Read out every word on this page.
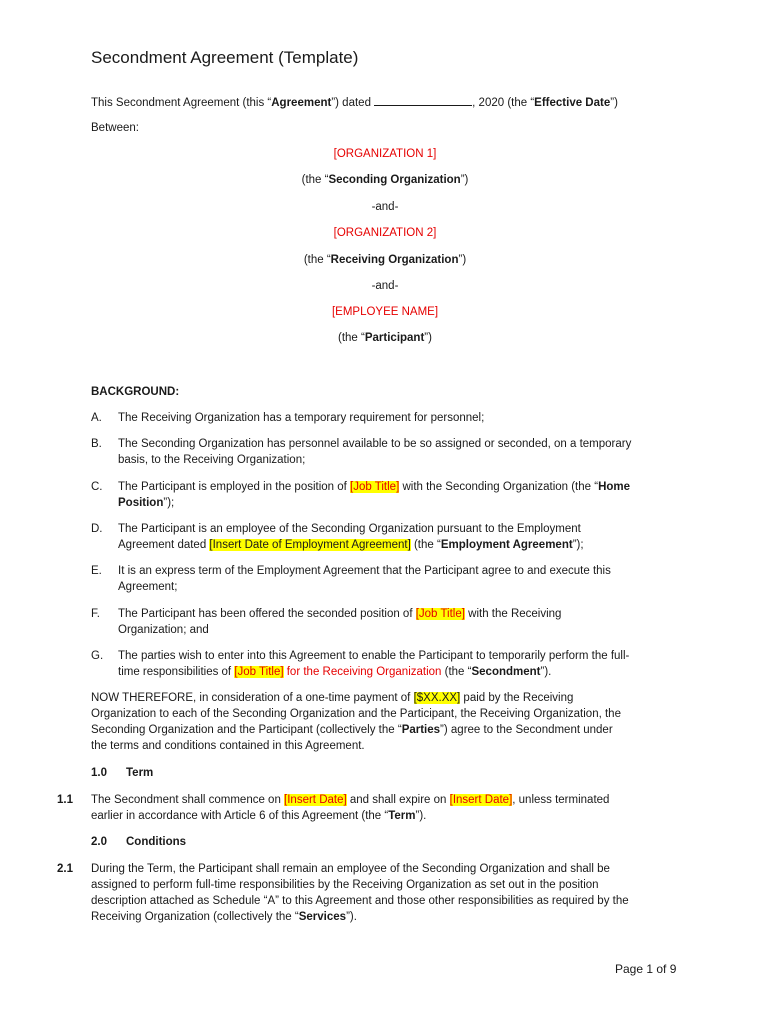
Secondment Agreement (Template)
This Secondment Agreement (this “Agreement”) dated	, 2020 (the “Effective Date”)
Between:
[ORGANIZATION 1]
(the “Seconding Organization”)
-and-
[ORGANIZATION 2]
(the “Receiving Organization”)
-and-
[EMPLOYEE NAME]
(the “Participant”)
BACKGROUND:
A. The Receiving Organization has a temporary requirement for personnel;
B. The Seconding Organization has personnel available to be so assigned or seconded, on a temporary
basis, to the Receiving Organization;
C. The Participant is employed in the position of [Job Title] with the Seconding Organization (the “Home
Position”);
D. The Participant is an employee of the Seconding Organization pursuant to the Employment
Agreement dated [Insert Date of Employment Agreement] (the “Employment Agreement”);
E. It is an express term of the Employment Agreement that the Participant agree to and execute this
Agreement;
F. The Participant has been offered the seconded position of [Job Title] with the Receiving
Organization; and
G. The parties wish to enter into this Agreement to enable the Participant to temporarily perform the full-
time responsibilities of [Job Title] for the Receiving Organization (the “Secondment”).
NOW THEREFORE, in consideration of a one-time payment of [$XX.XX] paid by the Receiving
Organization to each of the Seconding Organization and the Participant, the Receiving Organization, the
Seconding Organization and the Participant (collectively the “Parties”) agree to the Secondment under
the terms and conditions contained in this Agreement.
1.0 Term
1.1 The Secondment shall commence on [Insert Date] and shall expire on [Insert Date], unless terminated
earlier in accordance with Article 6 of this Agreement (the “Term”).
2.0 Conditions
2.1 During the Term, the Participant shall remain an employee of the Seconding Organization and shall be
assigned to perform full-time responsibilities by the Receiving Organization as set out in the position
description attached as Schedule “A” to this Agreement and those other responsibilities as required by the
Receiving Organization (collectively the “Services”).
Page 1 of 9
